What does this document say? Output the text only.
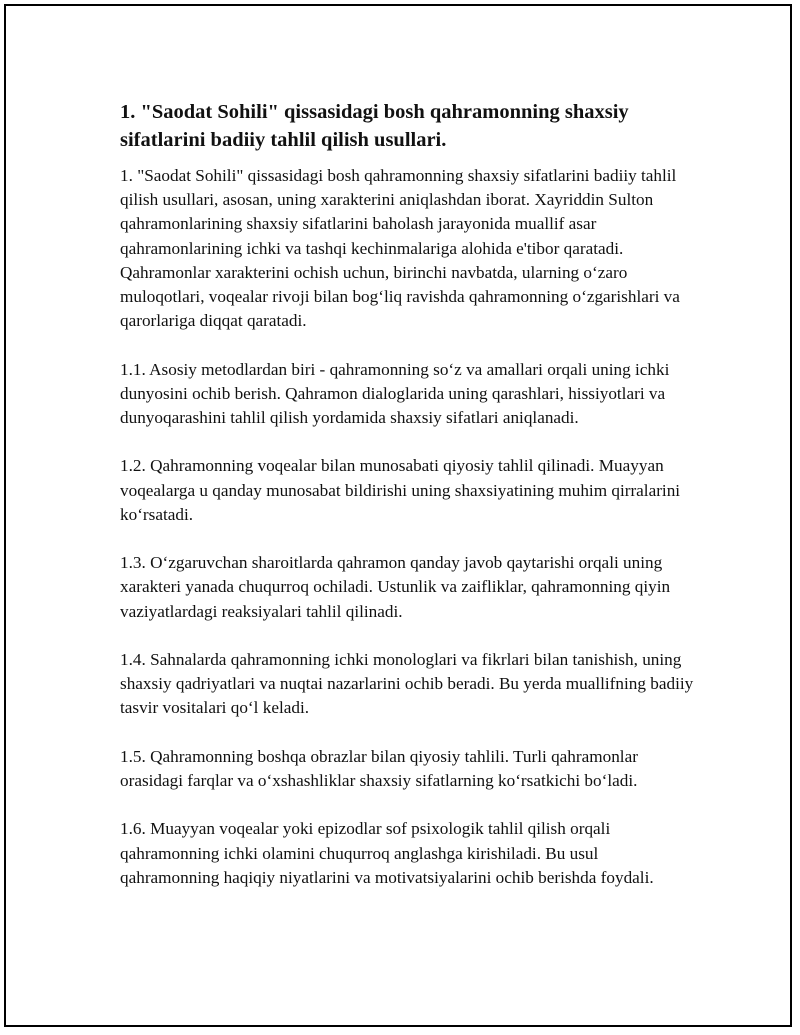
1. "Saodat Sohili" qissasidagi bosh qahramonning shaxsiy sifatlarini badiiy tahlil qilish usullari.

1. "Saodat Sohili" qissasidagi bosh qahramonning shaxsiy sifatlarini badiiy tahlil qilish usullari, asosan, uning xarakterini aniqlashdan iborat. Xayriddin Sulton qahramonlarining shaxsiy sifatlarini baholash jarayonida muallif asar qahramonlarining ichki va tashqi kechinmalariga alohida e'tibor qaratadi. Qahramonlar xarakterini ochish uchun, birinchi navbatda, ularning o‘zaro muloqotlari, voqealar rivoji bilan bog‘liq ravishda qahramonning o‘zgarishlari va qarorlariga diqqat qaratadi.

1.1. Asosiy metodlardan biri - qahramonning so‘z va amallari orqali uning ichki dunyosini ochib berish. Qahramon dialoglarida uning qarashlari, hissiyotlari va dunyoqarashini tahlil qilish yordamida shaxsiy sifatlari aniqlanadi.

1.2. Qahramonning voqealar bilan munosabati qiyosiy tahlil qilinadi. Muayyan voqealarga u qanday munosabat bildirishi uning shaxsiyatining muhim qirralarini ko‘rsatadi.

1.3. O‘zgaruvchan sharoitlarda qahramon qanday javob qaytarishi orqali uning xarakteri yanada chuqurroq ochiladi. Ustunlik va zaifliklar, qahramonning qiyin vaziyatlardagi reaksiyalari tahlil qilinadi.

1.4. Sahnalarda qahramonning ichki monologlari va fikrlari bilan tanishish, uning shaxsiy qadriyatlari va nuqtai nazarlarini ochib beradi. Bu yerda muallifning badiiy tasvir vositalari qo‘l keladi.

1.5. Qahramonning boshqa obrazlar bilan qiyosiy tahlili. Turli qahramonlar orasidagi farqlar va o‘xshashliklar shaxsiy sifatlarning ko‘rsatkichi bo‘ladi.

1.6. Muayyan voqealar yoki epizodlar sof psixologik tahlil qilish orqali qahramonning ichki olamini chuqurroq anglashga kirishiladi. Bu usul qahramonning haqiqiy niyatlarini va motivatsiyalarini ochib berishda foydali.
